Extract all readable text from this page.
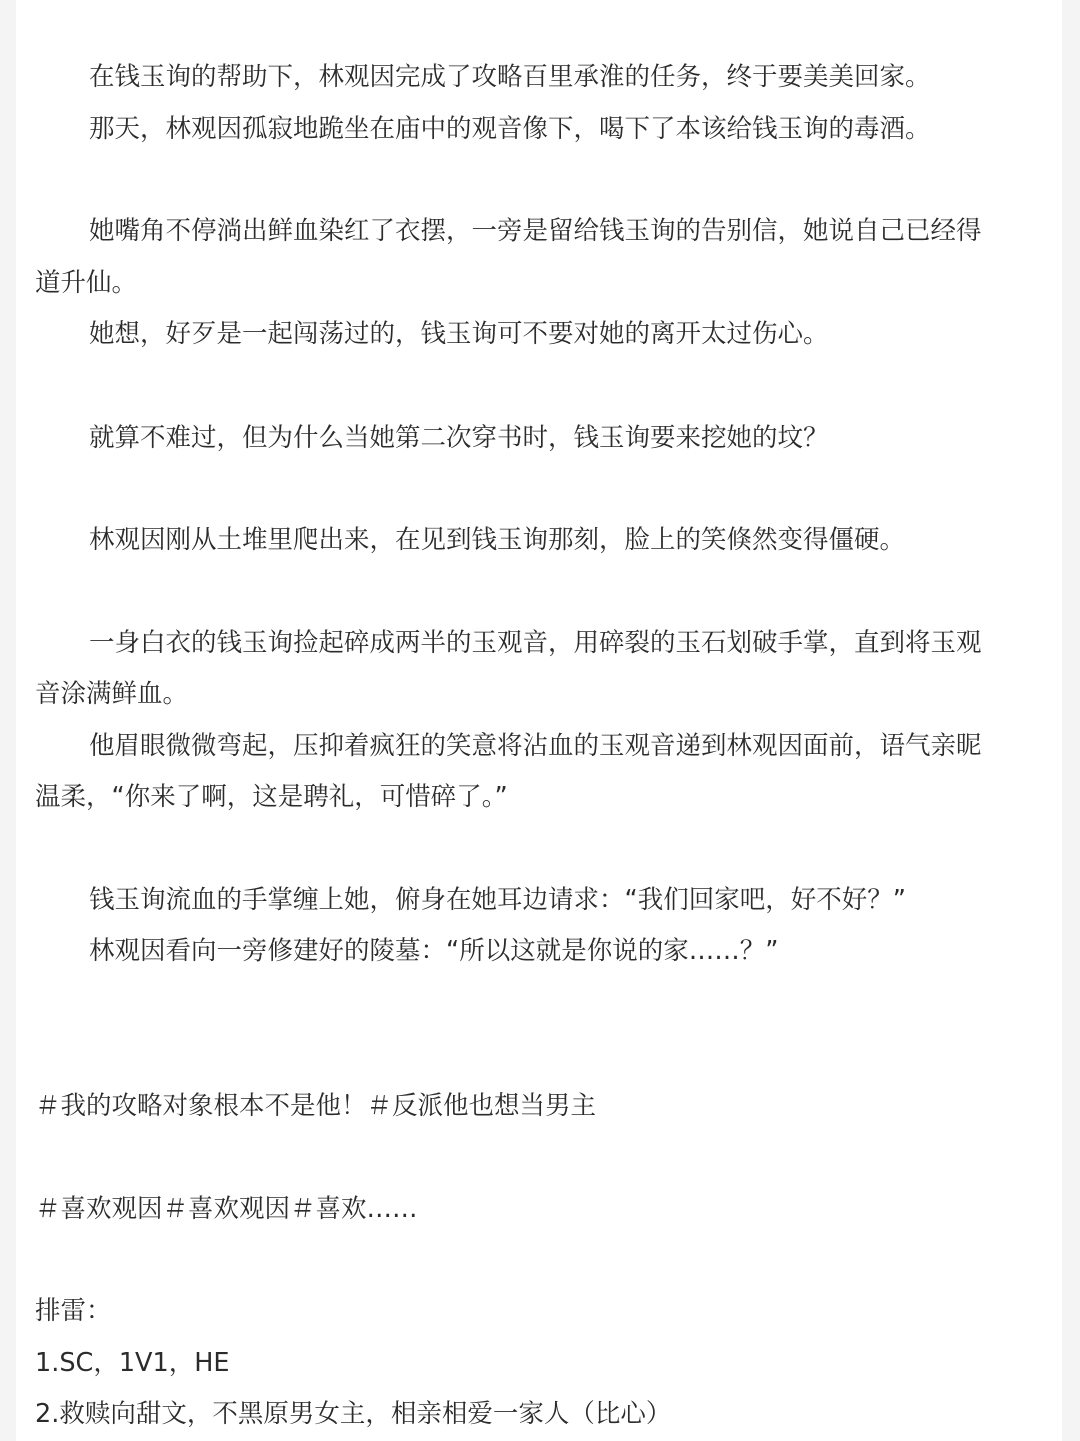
在钱玉询的帮助下，林观因完成了攻略百里承淮的任务，终于要美美回家。

那天，林观因孤寂地跪坐在庙中的观音像下，喝下了本该给钱玉询的毒酒。

她嘴角不停淌出鲜血染红了衣摆，一旁是留给钱玉询的告别信，她说自己已经得

道升仙。

她想，好歹是一起闯荡过的，钱玉询可不要对她的离开太过伤心。

就算不难过，但为什么当她第二次穿书时，钱玉询要来挖她的坟？

林观因刚从土堆里爬出来，在见到钱玉询那刻，脸上的笑倏然变得僵硬。

一身白衣的钱玉询捡起碎成两半的玉观音，用碎裂的玉石划破手掌，直到将玉观

音涂满鲜血。

他眉眼微微弯起，压抑着疯狂的笑意将沾血的玉观音递到林观因面前，语气亲昵

温柔，“你来了啊，这是聘礼，可惜碎了。”

钱玉询流血的手掌缠上她，俯身在她耳边请求：“我们回家吧，好不好？”

林观因看向一旁修建好的陵墓：“所以这就是你说的家……？”

＃我的攻略对象根本不是他！＃反派他也想当男主

＃喜欢观因＃喜欢观因＃喜欢……

排雷：

1.SC，1V1，HE

2.救赎向甜文，不黑原男女主，相亲相爱一家人（比心）
